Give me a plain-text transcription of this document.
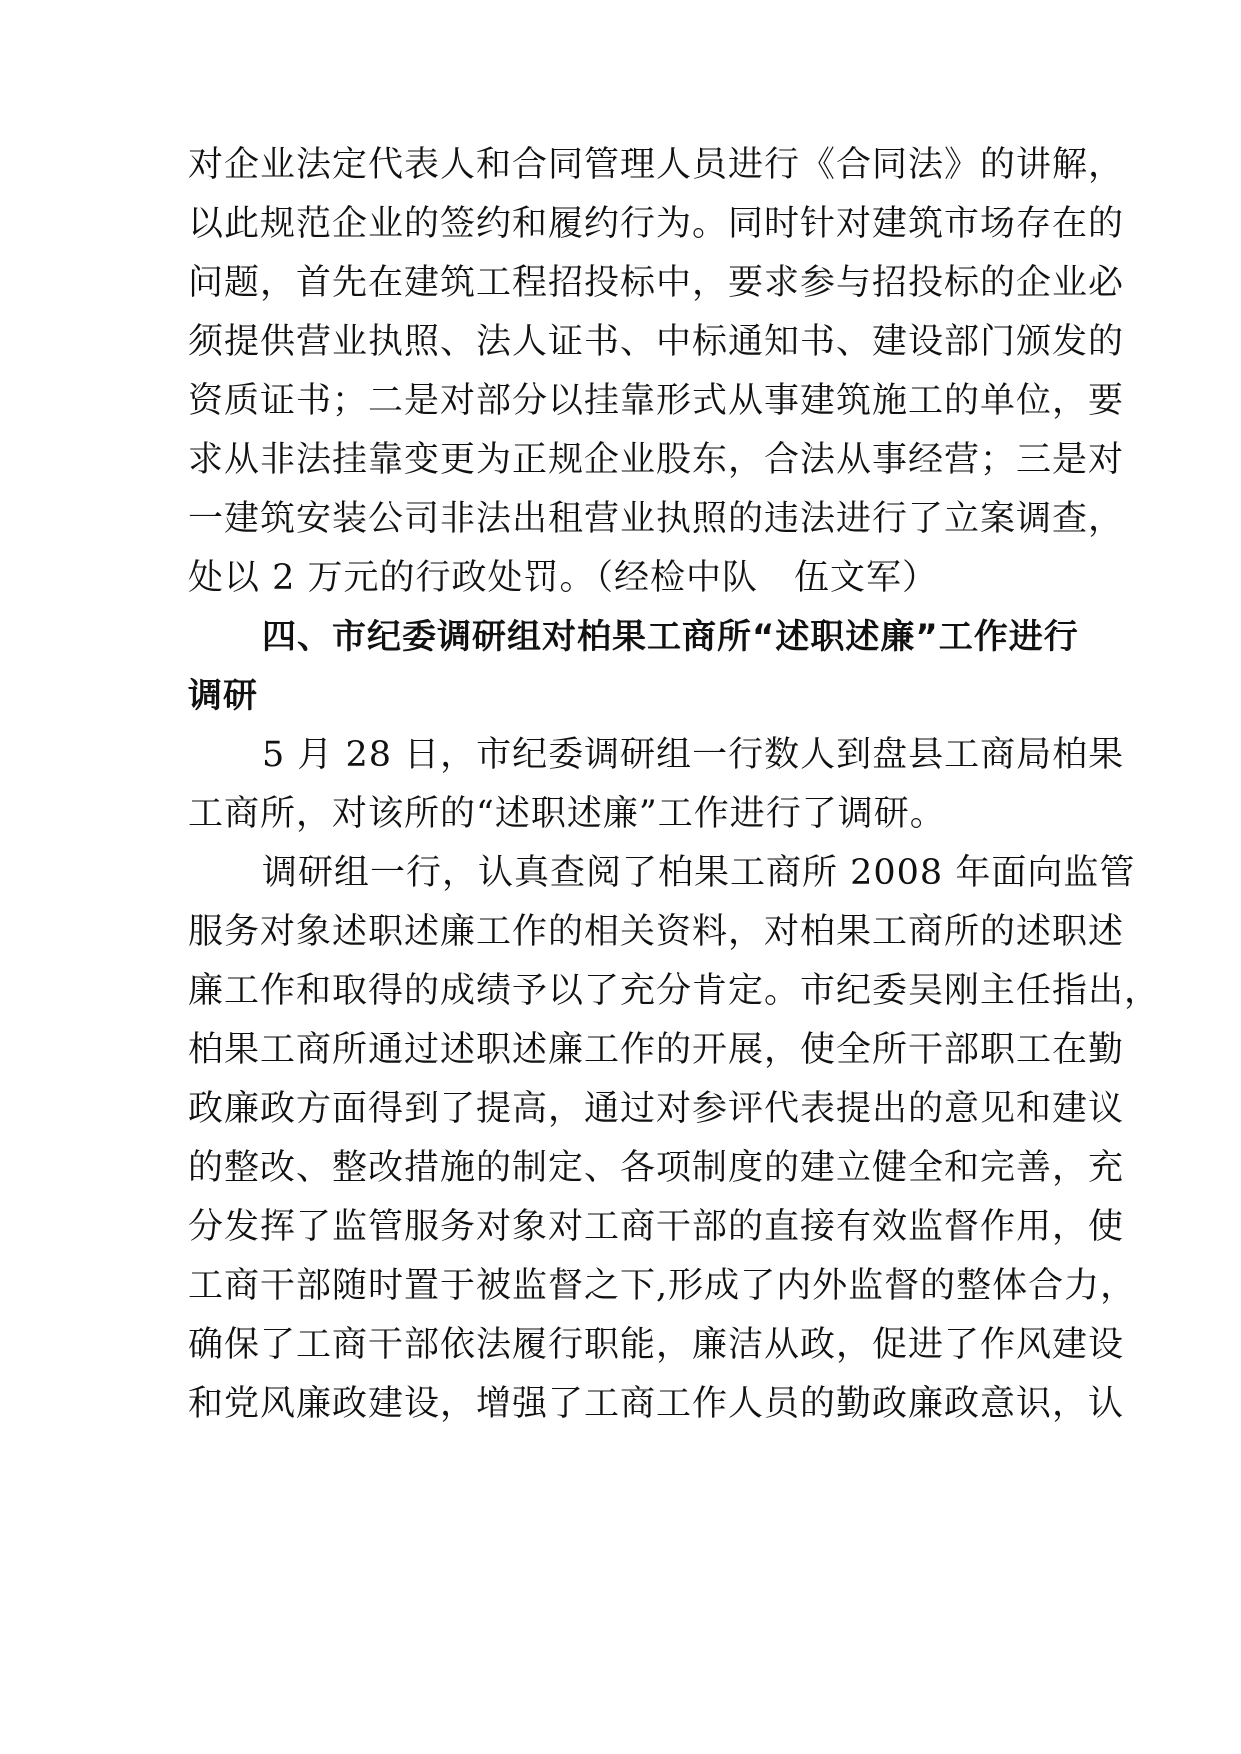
对企业法定代表人和合同管理人员进行《合同法》的讲解，
以此规范企业的签约和履约行为。同时针对建筑市场存在的
问题，首先在建筑工程招投标中，要求参与招投标的企业必
须提供营业执照、法人证书、中标通知书、建设部门颁发的
资质证书；二是对部分以挂靠形式从事建筑施工的单位，要
求从非法挂靠变更为正规企业股东，合法从事经营；三是对
一建筑安装公司非法出租营业执照的违法进行了立案调查，
处以 2 万元的行政处罚。（经检中队　伍文军）
四、市纪委调研组对柏果工商所“述职述廉”工作进行
调研
5 月 28 日，市纪委调研组一行数人到盘县工商局柏果
工商所，对该所的“述职述廉”工作进行了调研。
调研组一行，认真查阅了柏果工商所 2008 年面向监管
服务对象述职述廉工作的相关资料，对柏果工商所的述职述
廉工作和取得的成绩予以了充分肯定。市纪委吴刚主任指出，
柏果工商所通过述职述廉工作的开展，使全所干部职工在勤
政廉政方面得到了提高，通过对参评代表提出的意见和建议
的整改、整改措施的制定、各项制度的建立健全和完善，充
分发挥了监管服务对象对工商干部的直接有效监督作用，使
工商干部随时置于被监督之下,形成了内外监督的整体合力，
确保了工商干部依法履行职能，廉洁从政，促进了作风建设
和党风廉政建设，增强了工商工作人员的勤政廉政意识，认
